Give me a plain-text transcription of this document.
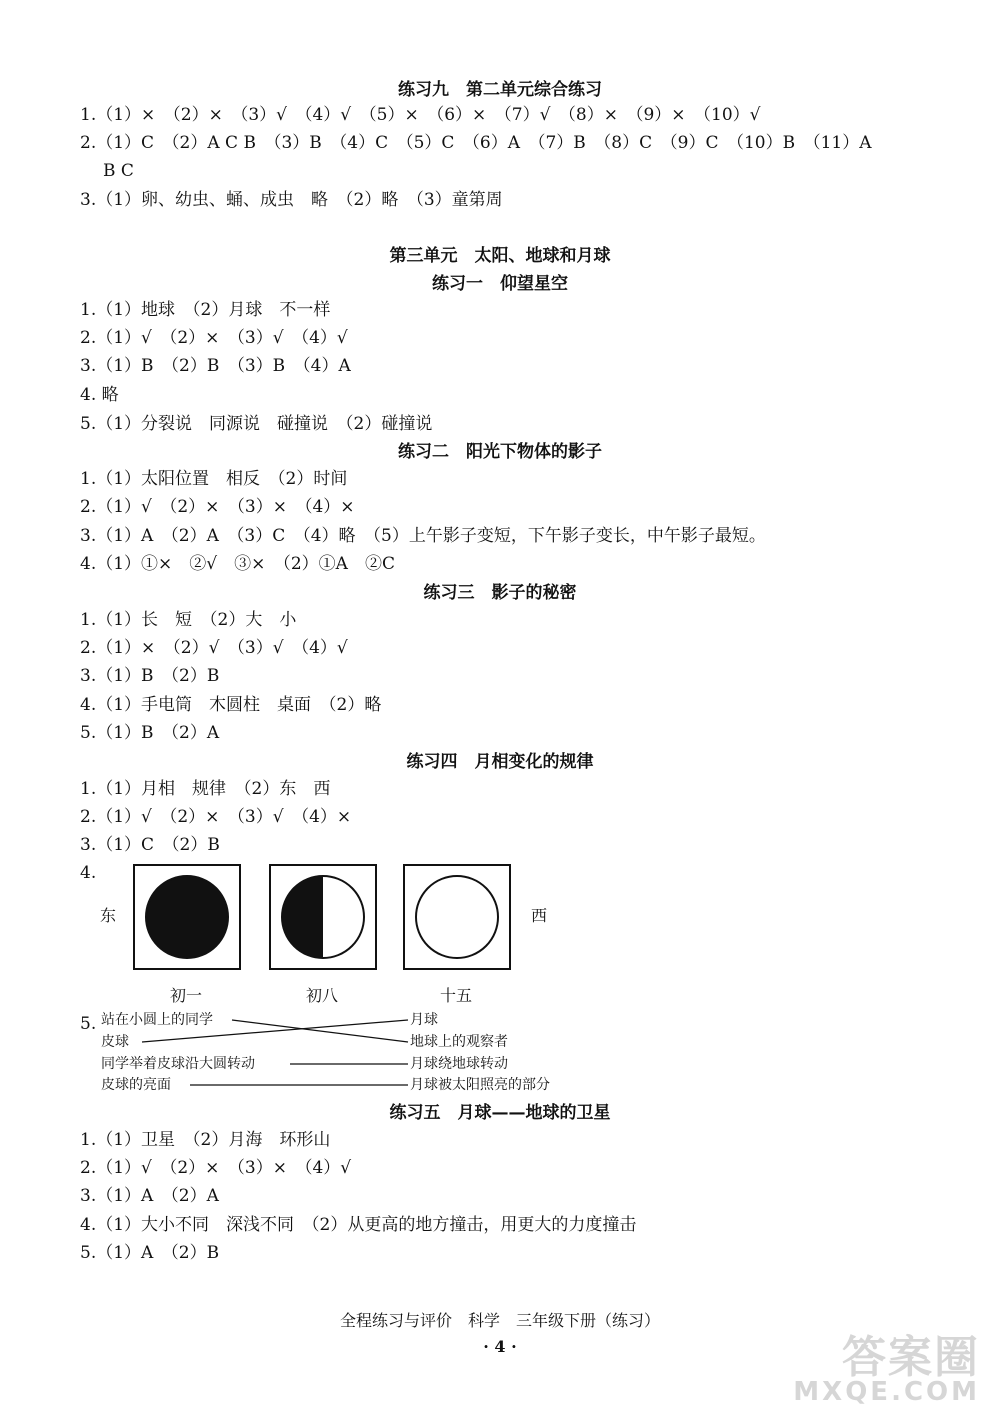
练习九　第二单元综合练习
1.（1）×　（2）×　（3）√　（4）√　（5）×　（6）×　（7）√　（8）×　（9）×　（10）√
2.（1）C　（2）A C B　（3）B　（4）C　（5）C　（6）A　（7）B　（8）C　（9）C　（10）B　（11）A
B C
3.（1）卵、幼虫、蛹、成虫　略　（2）略　（3）童第周
第三单元　太阳、地球和月球
练习一　仰望星空
1.（1）地球　（2）月球　不一样
2.（1）√　（2）×　（3）√　（4）√
3.（1）B　（2）B　（3）B　（4）A
4. 略
5.（1）分裂说　同源说　碰撞说　（2）碰撞说
练习二　阳光下物体的影子
1.（1）太阳位置　相反　（2）时间
2.（1）√　（2）×　（3）×　（4）×
3.（1）A　（2）A　（3）C　（4）略　（5）上午影子变短，下午影子变长，中午影子最短。
4.（1）①×　②√　③×　（2）①A　②C
练习三　影子的秘密
1.（1）长　短　（2）大　小
2.（1）×　（2）√　（3）√　（4）√
3.（1）B　（2）B
4.（1）手电筒　木圆柱　桌面　（2）略
5.（1）B　（2）A
练习四　月相变化的规律
1.（1）月相　规律　（2）东　西
2.（1）√　（2）×　（3）√　（4）×
3.（1）C　（2）B
4.
东	西
初一	初八	十五
5. 站在小圆上的同学
皮球
同学举着皮球沿大圆转动
皮球的亮面
月球
地球上的观察者
月球绕地球转动
月球被太阳照亮的部分
练习五　月球——地球的卫星
1.（1）卫星　（2）月海　环形山
2.（1）√　（2）×　（3）×　（4）√
3.（1）A　（2）A
4.（1）大小不同　深浅不同　（2）从更高的地方撞击，用更大的力度撞击
5.（1）A　（2）B
全程练习与评价　科学　三年级下册（练习）
· 4 ·	答案圈
MXQE.COM
